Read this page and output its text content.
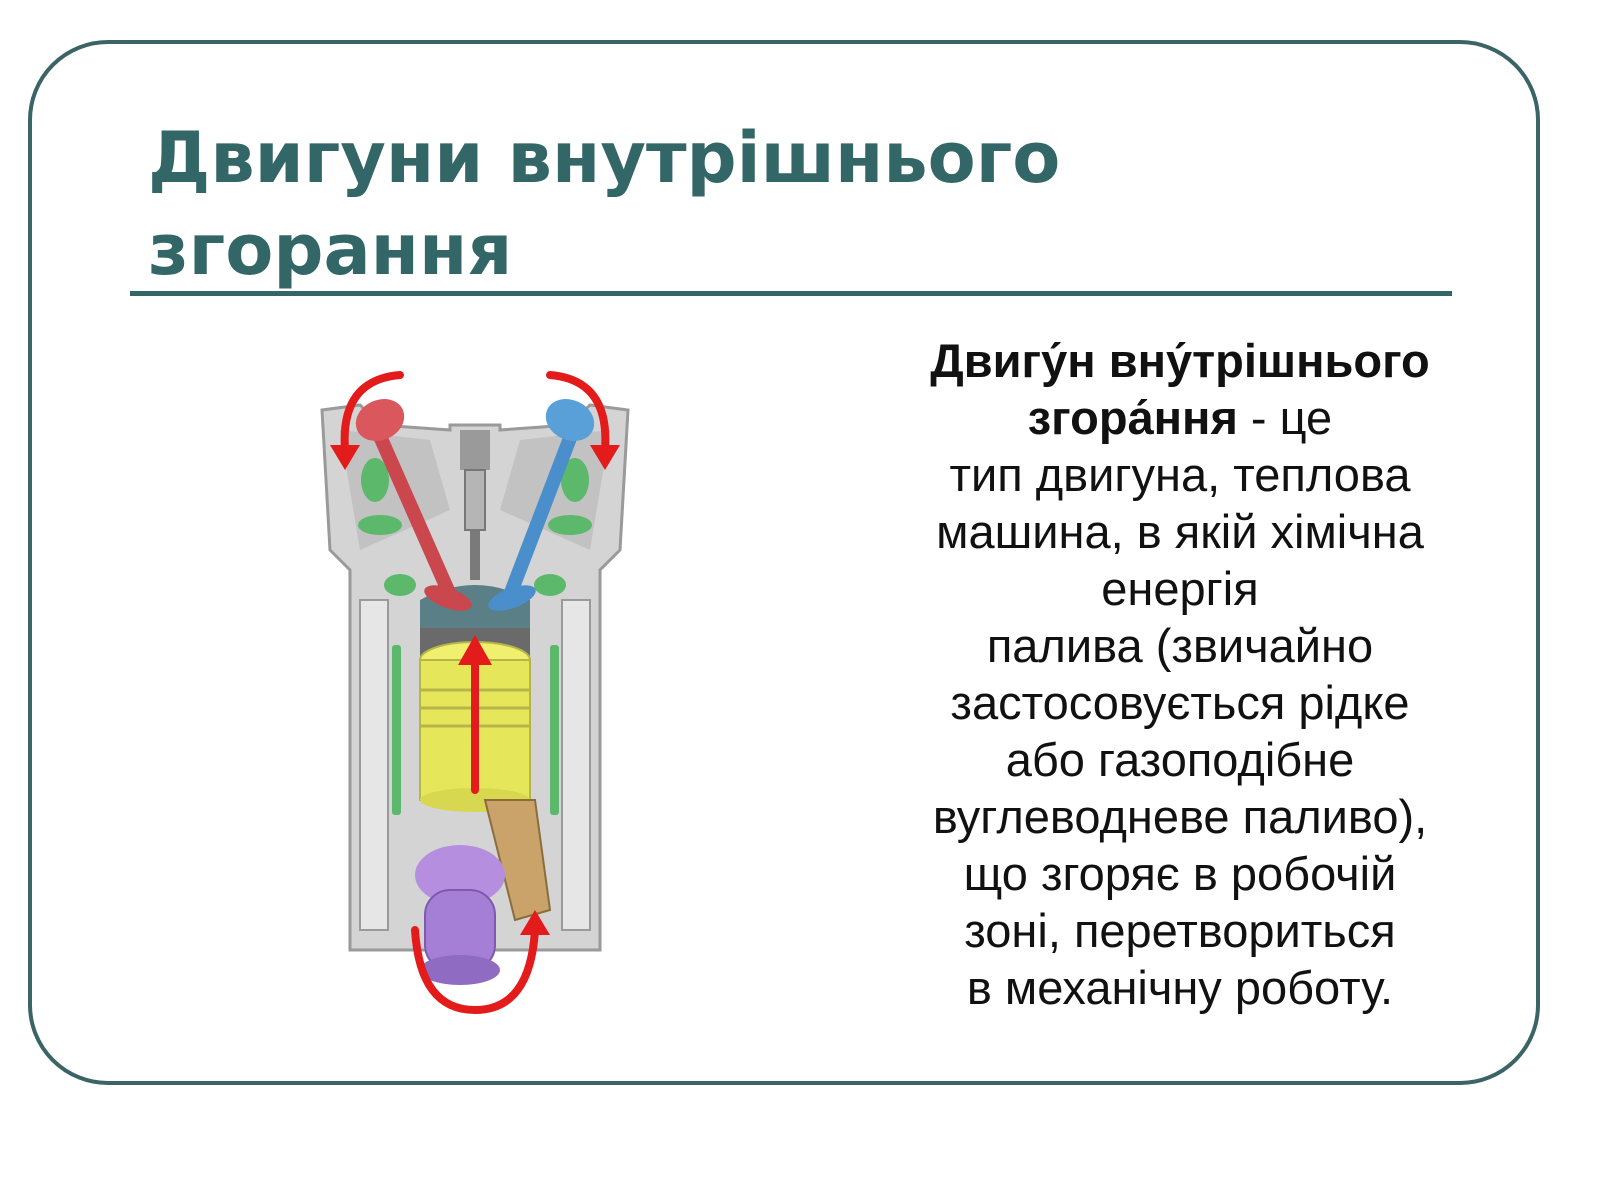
Двигуни внутрішнього
згорання
Двигу́н вну́трішнього
згора́ння - це
тип двигуна, теплова
машина, в якій хімічна
енергія
палива (звичайно
застосовується рідке
або газоподібне
вуглеводневе паливо),
що згоряє в робочій
зоні, перетвориться
в механічну роботу.
